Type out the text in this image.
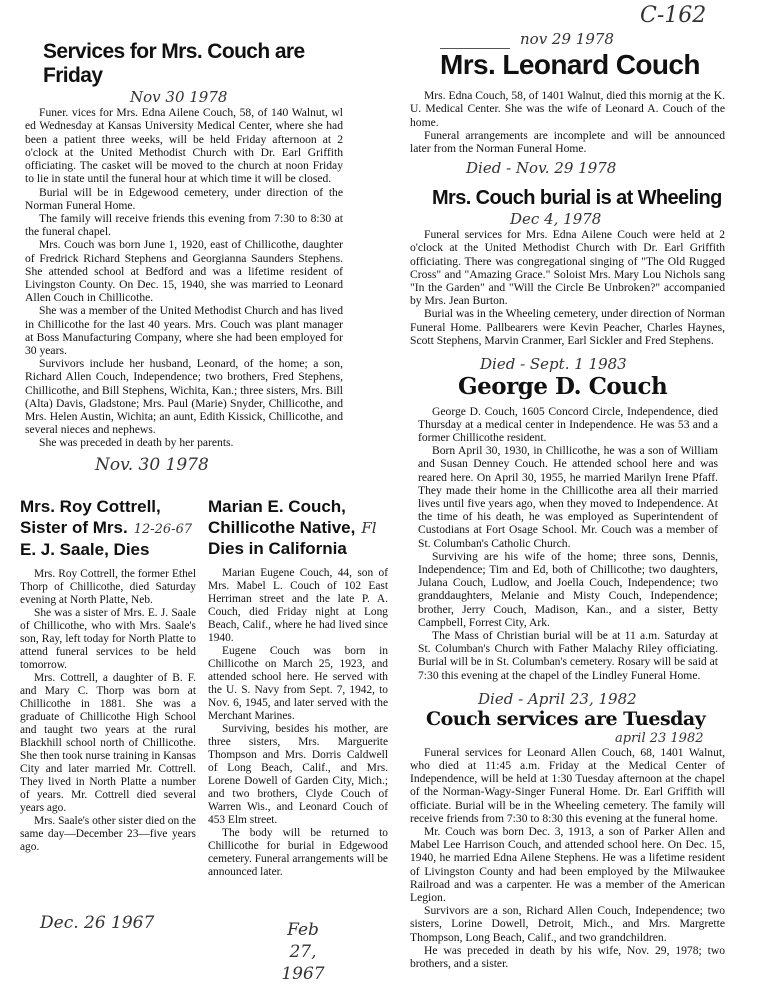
C-162
Services for Mrs. Couch are Friday
Nov 30 1978

Funer. vices for Mrs. Edna Ailene Couch, 58, of 140 Walnut, wl ed Wednesday at Kansas University Medical Center, where she had been a patient three weeks, will be held Friday afternoon at 2 o'clock at the United Methodist Church with Dr. Earl Griffith officiating. The casket will be moved to the church at noon Friday to lie in state until the funeral hour at which time it will be closed.

Burial will be in Edgewood cemetery, under direction of the Norman Funeral Home.

The family will receive friends this evening from 7:30 to 8:30 at the funeral chapel.

Mrs. Couch was born June 1, 1920, east of Chillicothe, daughter of Fredrick Richard Stephens and Georgianna Saunders Stephens. She attended school at Bedford and was a lifetime resident of Livingston County. On Dec. 15, 1940, she was married to Leonard Allen Couch in Chillicothe.

She was a member of the United Methodist Church and has lived in Chillicothe for the last 40 years. Mrs. Couch was plant manager at Boss Manufacturing Company, where she had been employed for 30 years.

Survivors include her husband, Leonard, of the home; a son, Richard Allen Couch, Independence; two brothers, Fred Stephens, Chillicothe, and Bill Stephens, Wichita, Kan.; three sisters, Mrs. Bill (Alta) Davis, Gladstone; Mrs. Paul (Marie) Snyder, Chillicothe, and Mrs. Helen Austin, Wichita; an aunt, Edith Kissick, Chillicothe, and several nieces and nephews.

She was preceded in death by her parents.

Nov. 30 1978
Mrs. Roy Cottrell,
Sister of Mrs. 12-26-67
E. J. Saale, Dies

Mrs. Roy Cottrell, the former Ethel Thorp of Chillicothe, died Saturday evening at North Platte, Neb.

She was a sister of Mrs. E. J. Saale of Chillicothe, who with Mrs. Saale's son, Ray, left today for North Platte to attend funeral services to be held tomorrow.

Mrs. Cottrell, a daughter of B. F. and Mary C. Thorp was born at Chillicothe in 1881. She was a graduate of Chillicothe High School and taught two years at the rural Blackhill school north of Chillicothe. She then took nurse training in Kansas City and later married Mr. Cottrell. They lived in North Platte a number of years. Mr. Cottrell died several years ago.

Mrs. Saale's other sister died on the same day—December 23—five years ago.

Dec. 26 1967
Marian E. Couch,
Chillicothe Native, Fl
Dies in California

Marian Eugene Couch, 44, son of Mrs. Mabel L. Couch of 102 East Herriman street and the late P. A. Couch, died Friday night at Long Beach, Calif., where he had lived since 1940.

Eugene Couch was born in Chillicothe on March 25, 1923, and attended school here. He served with the U. S. Navy from Sept. 7, 1942, to Nov. 6, 1945, and later served with the Merchant Marines.

Surviving, besides his mother, are three sisters, Mrs. Marguerite Thompson and Mrs. Dorris Caldwell of Long Beach, Calif., and Mrs. Lorene Dowell of Garden City, Mich.; and two brothers, Clyde Couch of Warren Wis., and Leonard Couch of 453 Elm street.

The body will be returned to Chillicothe for burial in Edgewood cemetery. Funeral arrangements will be announced later.

Feb 27, 1967
nov 29 1978
Mrs. Leonard Couch

Mrs. Edna Couch, 58, of 1401 Walnut, died this mornig at the K. U. Medical Center. She was the wife of Leonard A. Couch of the home.

Funeral arrangements are incomplete and will be announced later from the Norman Funeral Home.

Died - Nov. 29 1978
Mrs. Couch burial is at Wheeling
Dec 4, 1978

Funeral services for Mrs. Edna Ailene Couch were held at 2 o'clock at the United Methodist Church with Dr. Earl Griffith officiating. There was congregational singing of "The Old Rugged Cross" and "Amazing Grace." Soloist Mrs. Mary Lou Nichols sang "In the Garden" and "Will the Circle Be Unbroken?" accompanied by Mrs. Jean Burton.

Burial was in the Wheeling cemetery, under direction of Norman Funeral Home. Pallbearers were Kevin Peacher, Charles Haynes, Scott Stephens, Marvin Cranmer, Earl Sickler and Fred Stephens.

Died - Sept. 1 1983
George D. Couch

George D. Couch, 1605 Concord Circle, Independence, died Thursday at a medical center in Independence. He was 53 and a former Chillicothe resident.

Born April 30, 1930, in Chillicothe, he was a son of William and Susan Denney Couch. He attended school here and was reared here. On April 30, 1955, he married Marilyn Irene Pfaff. They made their home in the Chillicothe area all their married lives until five years ago, when they moved to Independence. At the time of his death, he was employed as Superintendent of Custodians at Fort Osage School. Mr. Couch was a member of St. Columban's Catholic Church.

Surviving are his wife of the home; three sons, Dennis, Independence; Tim and Ed, both of Chillicothe; two daughters, Julana Couch, Ludlow, and Joella Couch, Independence; two granddaughters, Melanie and Misty Couch, Independence; brother, Jerry Couch, Madison, Kan., and a sister, Betty Campbell, Forrest City, Ark.

The Mass of Christian burial will be at 11 a.m. Saturday at St. Columban's Church with Father Malachy Riley officiating. Burial will be in St. Columban's cemetery. Rosary will be said at 7:30 this evening at the chapel of the Lindley Funeral Home.

Died - April 23, 1982
Couch services are Tuesday
april 23 1982

Funeral services for Leonard Allen Couch, 68, 1401 Walnut, who died at 11:45 a.m. Friday at the Medical Center of Independence, will be held at 1:30 Tuesday afternoon at the chapel of the Norman-Wagy-Singer Funeral Home. Dr. Earl Griffith will officiate. Burial will be in the Wheeling cemetery. The family will receive friends from 7:30 to 8:30 this evening at the funeral home.

Mr. Couch was born Dec. 3, 1913, a son of Parker Allen and Mabel Lee Harrison Couch, and attended school here. On Dec. 15, 1940, he married Edna Ailene Stephens. He was a lifetime resident of Livingston County and had been employed by the Milwaukee Railroad and was a carpenter. He was a member of the American Legion.

Survivors are a son, Richard Allen Couch, Independence; two sisters, Lorine Dowell, Detroit, Mich., and Mrs. Margrette Thompson, Long Beach, Calif., and two grandchildren.

He was preceded in death by his wife, Nov. 29, 1978; two brothers, and a sister.
